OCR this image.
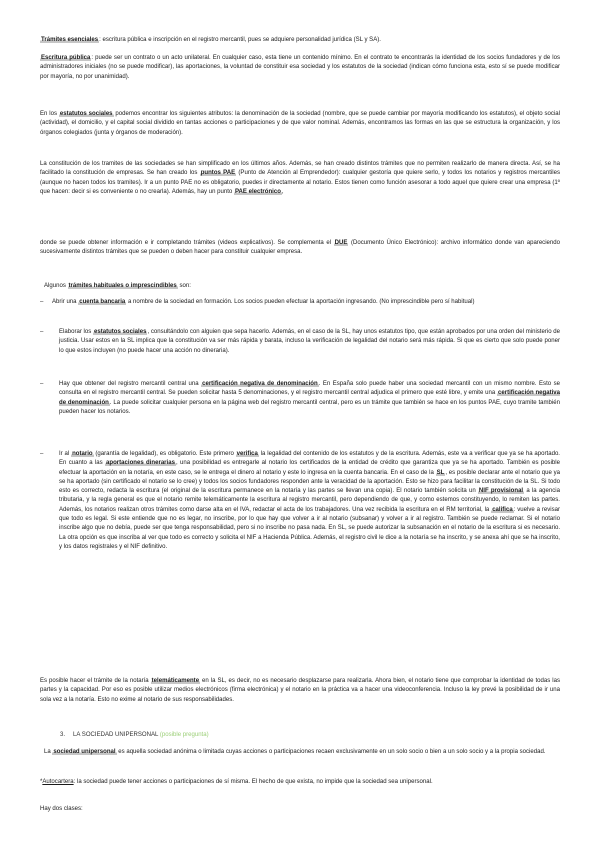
Trámites esenciales: escritura pública e inscripción en el registro mercantil, pues se adquiere personalidad jurídica (SL y SA).

Escritura pública: puede ser un contrato o un acto unilateral. En cualquier caso, esta tiene un contenido mínimo. En el contrato te encontrarás la identidad de los socios fundadores y de los administradores iniciales (no se puede modificar), las aportaciones, la voluntad de constituir esa sociedad y los estatutos de la sociedad (indican cómo funciona esta, esto sí se puede modificar por mayoría, no por unanimidad).

En los estatutos sociales podemos encontrar los siguientes atributos: la denominación de la sociedad (nombre, que se puede cambiar por mayoría modificando los estatutos), el objeto social (actividad), el domicilio, y el capital social dividido en tantas acciones o participaciones y de que valor nominal. Además, encontramos las formas en las que se estructura la organización, y los órganos colegiados (junta y órganos de moderación).

La constitución de los tramites de las sociedades se han simplificado en los últimos años. Además, se han creado distintos trámites que no permiten realizarlo de manera directa. Así, se ha facilitado la constitución de empresas. Se han creado los puntos PAE (Punto de Atención al Emprendedor): cualquier gestoría que quiere serlo, y todos los notarios y registros mercantiles (aunque no hacen todos los tramites). Ir a un punto PAE no es obligatorio, puedes ir directamente al notario. Estos tienen como función asesorar a todo aquel que quiere crear una empresa (1º que hacen: decir si es conveniente o no crearla). Además, hay un punto PAE electrónico,

donde se puede obtener información e ir completando trámites (videos explicativos). Se complementa el DUE (Documento Único Electrónico): archivo informático donde van apareciendo sucesivamente distintos trámites que se pueden o deben hacer para constituir cualquier empresa.

Algunos trámites habituales o imprescindibles son:

– Abrir una cuenta bancaria a nombre de la sociedad en formación. Los socios pueden efectuar la aportación ingresando. (No imprescindible pero sí habitual)
–	Elaborar los estatutos sociales, consultándolo con alguien que sepa hacerlo. Además, en el caso de la SL, hay unos estatutos tipo, que están aprobados por una orden del ministerio de justicia. Usar estos en la SL implica que la constitución va ser más rápida y barata, incluso la verificación de legalidad del notario será más rápida. Si que es cierto que solo puede poner lo que estos incluyen (no puede hacer una acción no dineraria).
–	Hay que obtener del registro mercantil central una certificación negativa de denominación. En España solo puede haber una sociedad mercantil con un mismo nombre. Esto se consulta en el registro mercantil central. Se pueden solicitar hasta 5 denominaciones, y el registro mercantil central adjudica el primero que esté libre, y emite una certificación negativa de denominación. La puede solicitar cualquier persona en la página web del registro mercantil central, pero es un trámite que también se hace en los puntos PAE, cuyo tramite también pueden hacer los notarios.
–	Ir al notario (garantía de legalidad), es obligatorio. Este primero verifica la legalidad del contenido de los estatutos y de la escritura. Además, este va a verificar que ya se ha aportado. En cuanto a las aportaciones dinerarias, una posibilidad es entregarle al notario los certificados de la entidad de crédito que garantiza que ya se ha aportado. También es posible efectuar la aportación en la notaría, en este caso, se le entrega el dinero al notario y este lo ingresa en la cuenta bancaria. En el caso de la SL, es posible declarar ante el notario que ya se ha aportado (sin certificado el notario se lo cree) y todos los socios fundadores responden ante la veracidad de la aportación. Esto se hizo para facilitar la constitución de la SL. Si todo esto es correcto, redacta la escritura (el original de la escritura permanece en la notaría y las partes se llevan una copia). El notario también solicita un NIF provisional a la agencia tributaria, y la regla general es que el notario remite telemáticamente la escritura al registro mercantil, pero dependiendo de que, y como estemos constituyendo, lo remiten las partes. Además, los notarios realizan otros trámites como darse alta en el IVA, redactar el acta de los trabajadores. Una vez recibida la escritura en el RM territorial, la califica: vuelve a revisar que todo es legal. Si este entiende que no es legar, no inscribe, por lo que hay que volver a ir al notario (subsanar) y volver a ir al registro. También se puede reclamar. Si el notario inscribe algo que no debía, puede ser que tenga responsabilidad, pero si no inscribe no pasa nada. En SL, se puede autorizar la subsanación en el notario de la escritura si es necesario. La otra opción es que inscriba al ver que todo es correcto y solicita el NIF a Hacienda Pública. Además, el registro civil le dice a la notaría se ha inscrito, y se anexa ahí que se ha inscrito, y los datos registrales y el NIF definitivo.

Es posible hacer el trámite de la notaría telemáticamente en la SL, es decir, no es necesario desplazarse para realizarla. Ahora bien, el notario tiene que comprobar la identidad de todas las partes y la capacidad. Por eso es posible utilizar medios electrónicos (firma electrónica) y el notario en la práctica va a hacer una videoconferencia. Incluso la ley prevé la posibilidad de ir una sola vez a la notaría. Esto no exime al notario de sus responsabilidades.

3. LA SOCIEDAD UNIPERSONAL (posible pregunta)

La sociedad unipersonal es aquella sociedad anónima o limitada cuyas acciones o participaciones recaen exclusivamente en un solo socio o bien a un solo socio y a la propia sociedad.

*Autocartera: la sociedad puede tener acciones o participaciones de sí misma. El hecho de que exista, no impide que la sociedad sea unipersonal.

Hay dos clases:
